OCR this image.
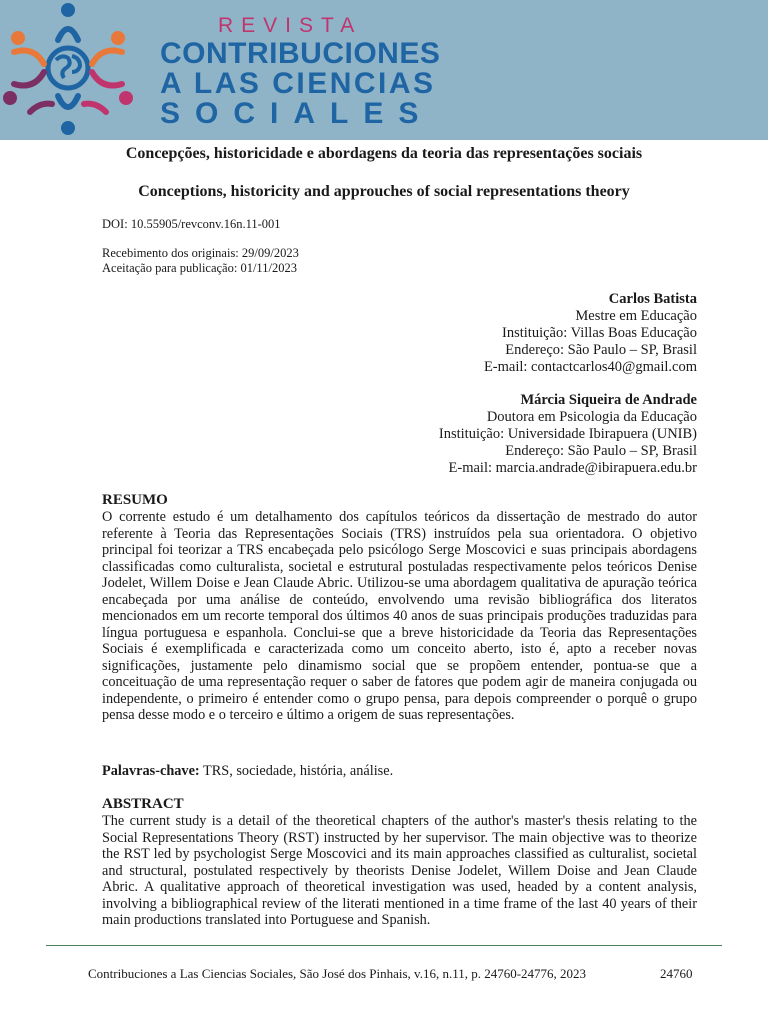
REVISTA
CONTRIBUCIONES
A LAS CIENCIAS
SOCIALES
Concepções, historicidade e abordagens da teoria das representações sociais
Conceptions, historicity and approuches of social representations theory
DOI: 10.55905/revconv.16n.11-001
Recebimento dos originais: 29/09/2023
Aceitação para publicação: 01/11/2023
Carlos Batista
Mestre em Educação
Instituição: Villas Boas Educação
Endereço: São Paulo – SP, Brasil
E-mail: contactcarlos40@gmail.com
Márcia Siqueira de Andrade
Doutora em Psicologia da Educação
Instituição: Universidade Ibirapuera (UNIB)
Endereço: São Paulo – SP, Brasil
E-mail: marcia.andrade@ibirapuera.edu.br
RESUMO

O corrente estudo é um detalhamento dos capítulos teóricos da dissertação de mestrado do autor referente à Teoria das Representações Sociais (TRS) instruídos pela sua orientadora. O objetivo principal foi teorizar a TRS encabeçada pelo psicólogo Serge Moscovici e suas principais abordagens classificadas como culturalista, societal e estrutural postuladas respectivamente pelos teóricos Denise Jodelet, Willem Doise e Jean Claude Abric. Utilizou-se uma abordagem qualitativa de apuração teórica encabeçada por uma análise de conteúdo, envolvendo uma revisão bibliográfica dos literatos mencionados em um recorte temporal dos últimos 40 anos de suas principais produções traduzidas para língua portuguesa e espanhola. Conclui-se que a breve historicidade da Teoria das Representações Sociais é exemplificada e caracterizada como um conceito aberto, isto é, apto a receber novas significações, justamente pelo dinamismo social que se propõem entender, pontua-se que a conceituação de uma representação requer o saber de fatores que podem agir de maneira conjugada ou independente, o primeiro é entender como o grupo pensa, para depois compreender o porquê o grupo pensa desse modo e o terceiro e último a origem de suas representações.

Palavras-chave: TRS, sociedade, história, análise.
ABSTRACT

The current study is a detail of the theoretical chapters of the author's master's thesis relating to the Social Representations Theory (RST) instructed by her supervisor. The main objective was to theorize the RST led by psychologist Serge Moscovici and its main approaches classified as culturalist, societal and structural, postulated respectively by theorists Denise Jodelet, Willem Doise and Jean Claude Abric. A qualitative approach of theoretical investigation was used, headed by a content analysis, involving a bibliographical review of the literati mentioned in a time frame of the last 40 years of their main productions translated into Portuguese and Spanish.

Contribuciones a Las Ciencias Sociales, São José dos Pinhais, v.16, n.11, p. 24760-24776, 2023	24760
